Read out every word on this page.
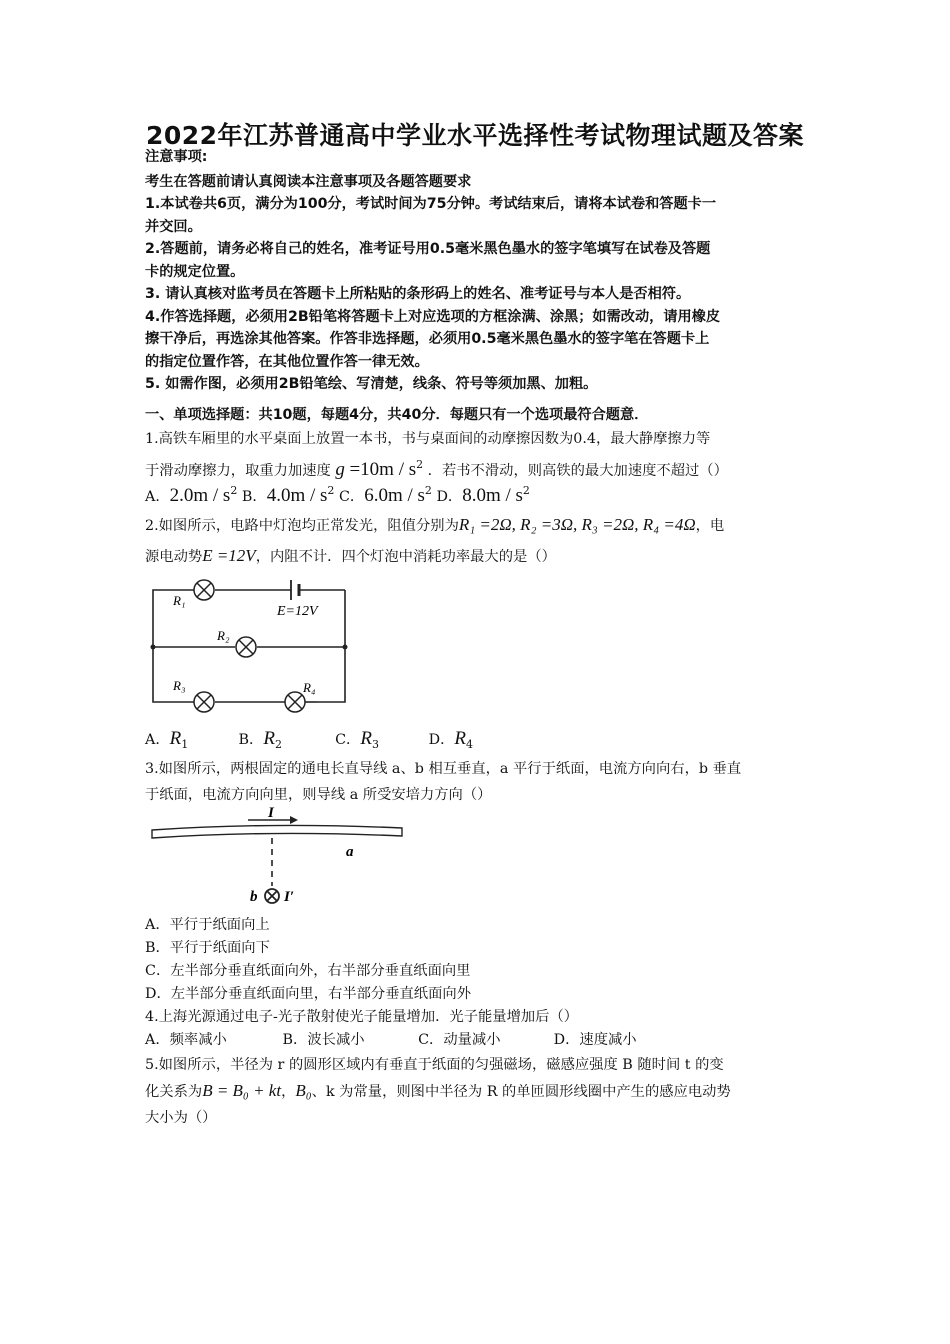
2022年江苏普通高中学业水平选择性考试物理试题及答案

注意事项:

考生在答题前请认真阅读本注意事项及各题答题要求

1.本试卷共6页，满分为100分，考试时间为75分钟。考试结束后，请将本试卷和答题卡一

并交回。

2.答题前，请务必将自己的姓名，准考证号用0.5毫米黑色墨水的签字笔填写在试卷及答题

卡的规定位置。

3. 请认真核对监考员在答题卡上所粘贴的条形码上的姓名、准考证号与本人是否相符。

4.作答选择题，必须用2B铅笔将答题卡上对应选项的方框涂满、涂黑；如需改动，请用橡皮

擦干净后，再选涂其他答案。作答非选择题，必须用0.5毫米黑色墨水的签字笔在答题卡上

的指定位置作答，在其他位置作答一律无效。

5. 如需作图，必须用2B铅笔绘、写清楚，线条、符号等须加黑、加粗。

一、单项选择题：共10题，每题4分，共40分．每题只有一个选项最符合题意．

1.高铁车厢里的水平桌面上放置一本书，书与桌面间的动摩擦因数为0.4，最大静摩擦力等

于滑动摩擦力，取重力加速度 $g =10m / s^2$ ．若书不滑动，则高铁的最大加速度不超过（）

A．$2.0m / s^2$ B．$4.0m / s^2$ C．$6.0m / s^2$ D．$8.0m / s^2$

2.如图所示，电路中灯泡均正常发光，阻值分别为R₁ =2Ω, R₂ =3Ω, R₃ =2Ω, R₄ =4Ω，电

源电动势E =12V，内阻不计．四个灯泡中消耗功率最大的是（）

R₁
E=12V
R₂
R₃	R₄
A．$R_1$	B．$R_2$	C．$R_3$	D．$R_4$

3.如图所示，两根固定的通电长直导线 a、b 相互垂直，a 平行于纸面，电流方向向右，b 垂直

于纸面，电流方向向里，则导线 a 所受安培力方向（）

I
a
b I′
A．平行于纸面向上
B．平行于纸面向下
C．左半部分垂直纸面向外，右半部分垂直纸面向里
D．左半部分垂直纸面向里，右半部分垂直纸面向外
4.上海光源通过电子-光子散射使光子能量增加．光子能量增加后（）
A．频率减小	B．波长减小	C．动量减小	D．速度减小

5.如图所示，半径为 r 的圆形区域内有垂直于纸面的匀强磁场，磁感应强度 B 随时间 t 的变

化关系为B = B₀ + kt，B₀、k 为常量，则图中半径为 R 的单匝圆形线圈中产生的感应电动势

大小为（）
